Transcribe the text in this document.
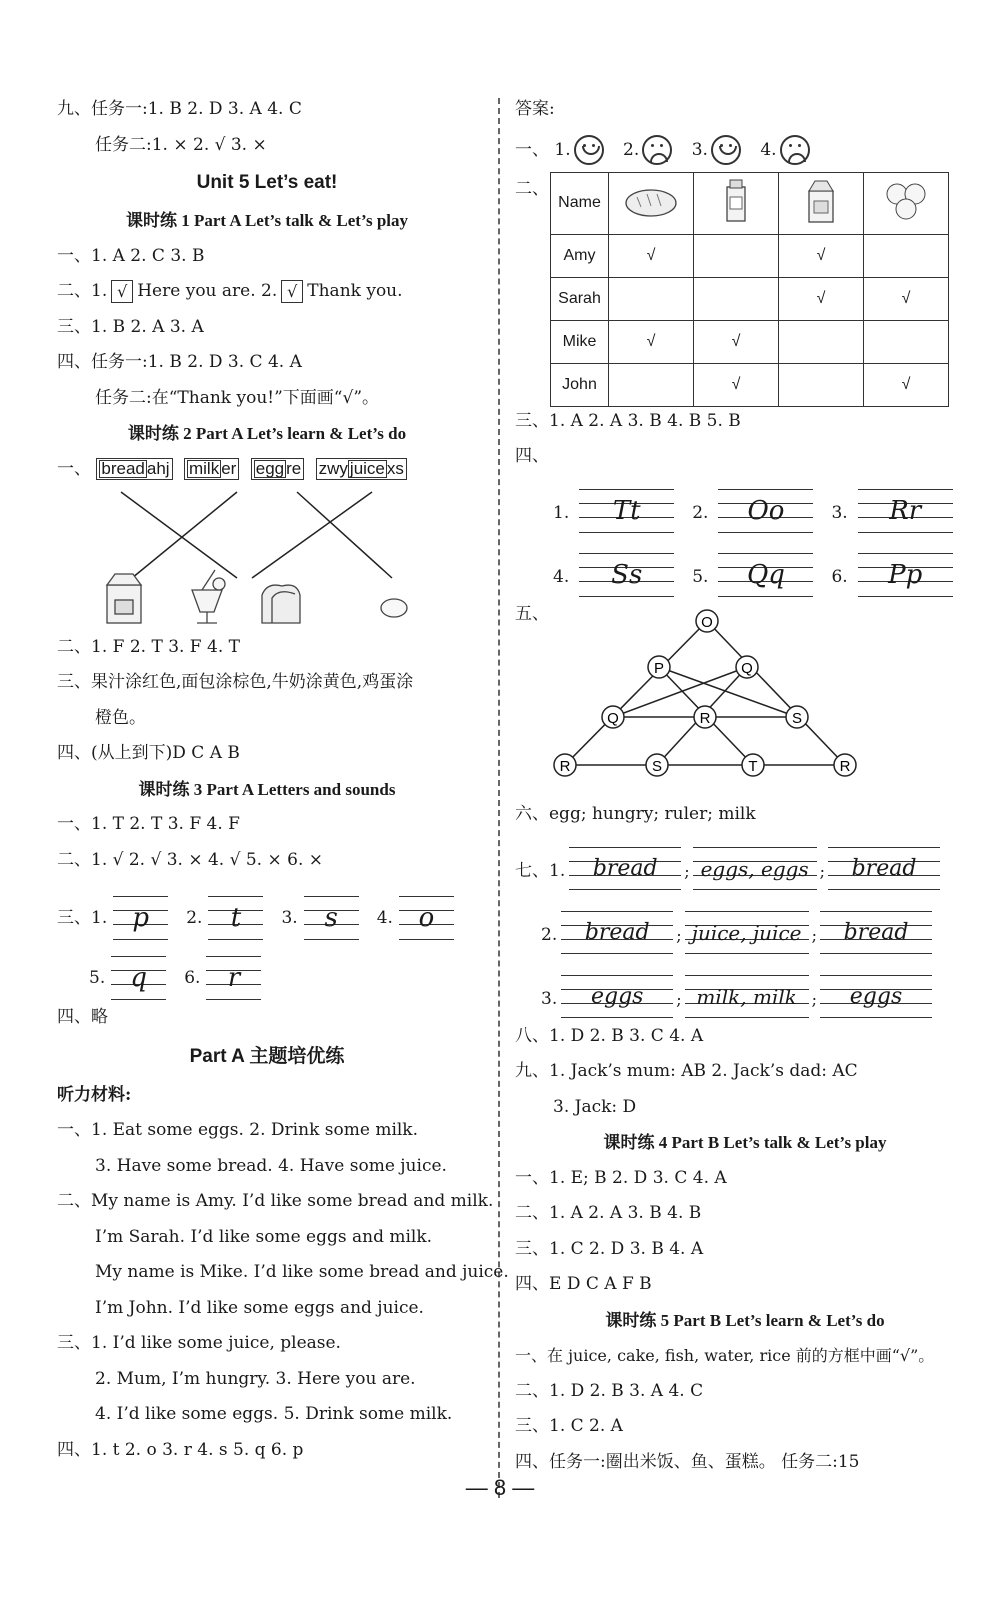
九、任务一:1. B 2. D 3. A 4. C
任务二:1. × 2. √ 3. ×
Unit 5 Let’s eat!
课时练 1 Part A Let’s talk & Let’s play
一、1. A 2. C 3. B
二、1. √ Here you are. 2. √ Thank you.
三、1. B 2. A 3. A
四、任务一:1. B 2. D 3. C 4. A
任务二:在“Thank you!”下面画“√”。
课时练 2 Part A Let’s learn & Let’s do
一、 bread ahj milk er egg re zwy juice xs
二、1. F 2. T 3. F 4. T
三、果汁涂红色,面包涂棕色,牛奶涂黄色,鸡蛋涂
橙色。
四、(从上到下)D C A B
课时练 3 Part A Letters and sounds
一、1. T 2. T 3. F 4. F
二、1. √ 2. √ 3. × 4. √ 5. × 6. ×
三、1. p 2. t 3. s 4. o
5. q 6. r
四、略
Part A 主题培优练
听力材料:
一、1. Eat some eggs. 2. Drink some milk.
3. Have some bread. 4. Have some juice.
二、My name is Amy. I’d like some bread and milk.
I’m Sarah. I’d like some eggs and milk.
My name is Mike. I’d like some bread and juice.
I’m John. I’d like some eggs and juice.
三、1. I’d like some juice, please.
2. Mum, I’m hungry. 3. Here you are.
4. I’d like some eggs. 5. Drink some milk.
四、1. t 2. o 3. r 4. s 5. q 6. p
答案:
一、 1.	2.	3.	4.
二、
Name				
Amy	√		√	
Sarah			√	√
Mike	√	√		
John		√		√
三、1. A 2. A 3. B 4. B 5. B
四、
1. Tt	2. Oo	3. Rr
4. Ss	5. Qq	6. Pp
五、	O
P	Q
Q	R	S
R	S	T	R
六、egg; hungry; ruler; milk
七、 1. bread ; eggs, eggs ; bread
2. bread ; juice, juice ; bread
3. eggs ; milk, milk ; eggs
八、1. D 2. B 3. C 4. A
九、1. Jack’s mum: AB 2. Jack’s dad: AC
3. Jack: D
课时练 4 Part B Let’s talk & Let’s play
一、1. E; B 2. D 3. C 4. A
二、1. A 2. A 3. B 4. B
三、1. C 2. D 3. B 4. A
四、E D C A F B
课时练 5 Part B Let’s learn & Let’s do
一、在 juice, cake, fish, water, rice 前的方框中画“√”。
二、1. D 2. B 3. A 4. C
三、1. C 2. A
四、任务一:圈出米饭、鱼、蛋糕。 任务二:15
— 8 —
